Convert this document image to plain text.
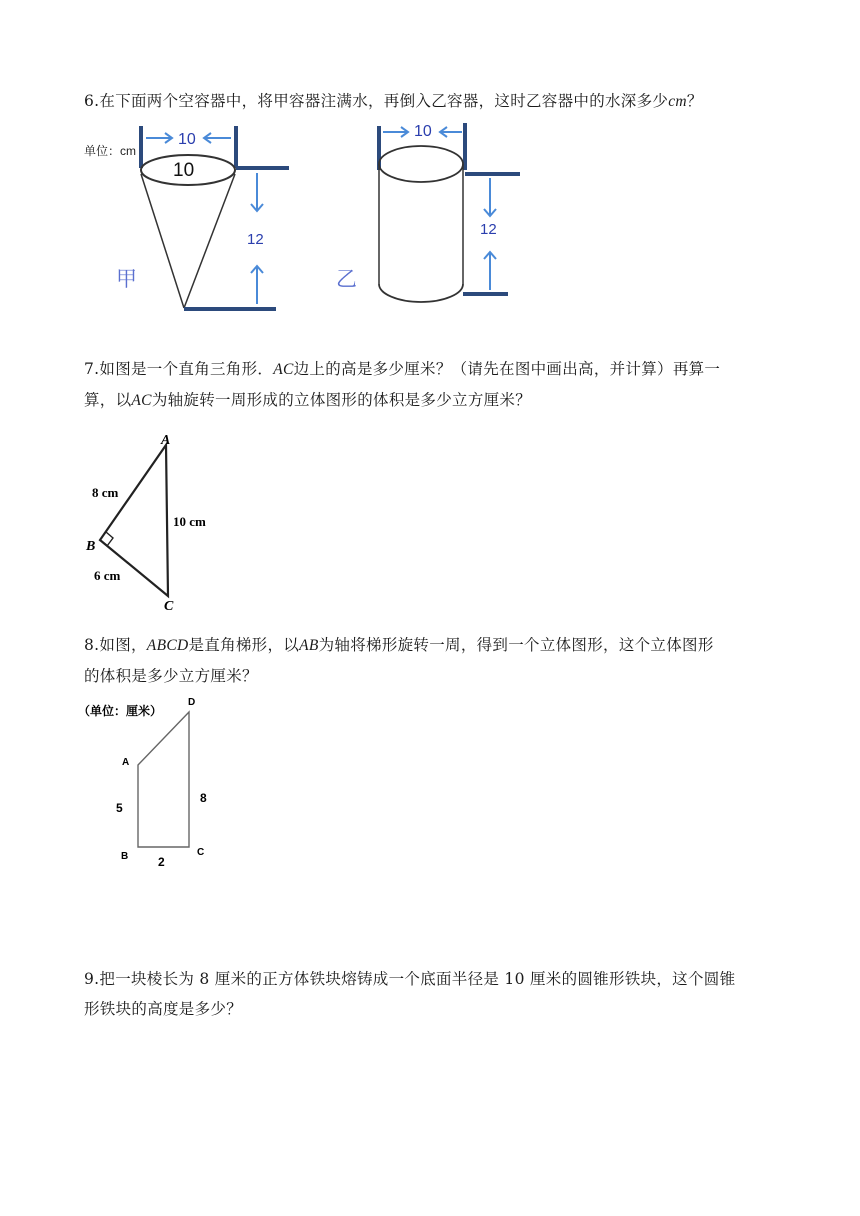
6.在下面两个空容器中，将甲容器注满水，再倒入乙容器，这时乙容器中的水深多少cm？
单位：cm
10
10
12
甲
10
12
乙
7.如图是一个直角三角形．AC边上的高是多少厘米？（请先在图中画出高，并计算）再算一
算，以AC为轴旋转一周形成的立体图形的体积是多少立方厘米？
A
B
C
8 cm
6 cm
10 cm
8.如图，ABCD是直角梯形，以AB为轴将梯形旋转一周，得到一个立体图形，这个立体图形
的体积是多少立方厘米？
（单位：厘米）
D
A
B	C
5
2
8
9.把一块棱长为 8 厘米的正方体铁块熔铸成一个底面半径是 10 厘米的圆锥形铁块，这个圆锥
形铁块的高度是多少？
